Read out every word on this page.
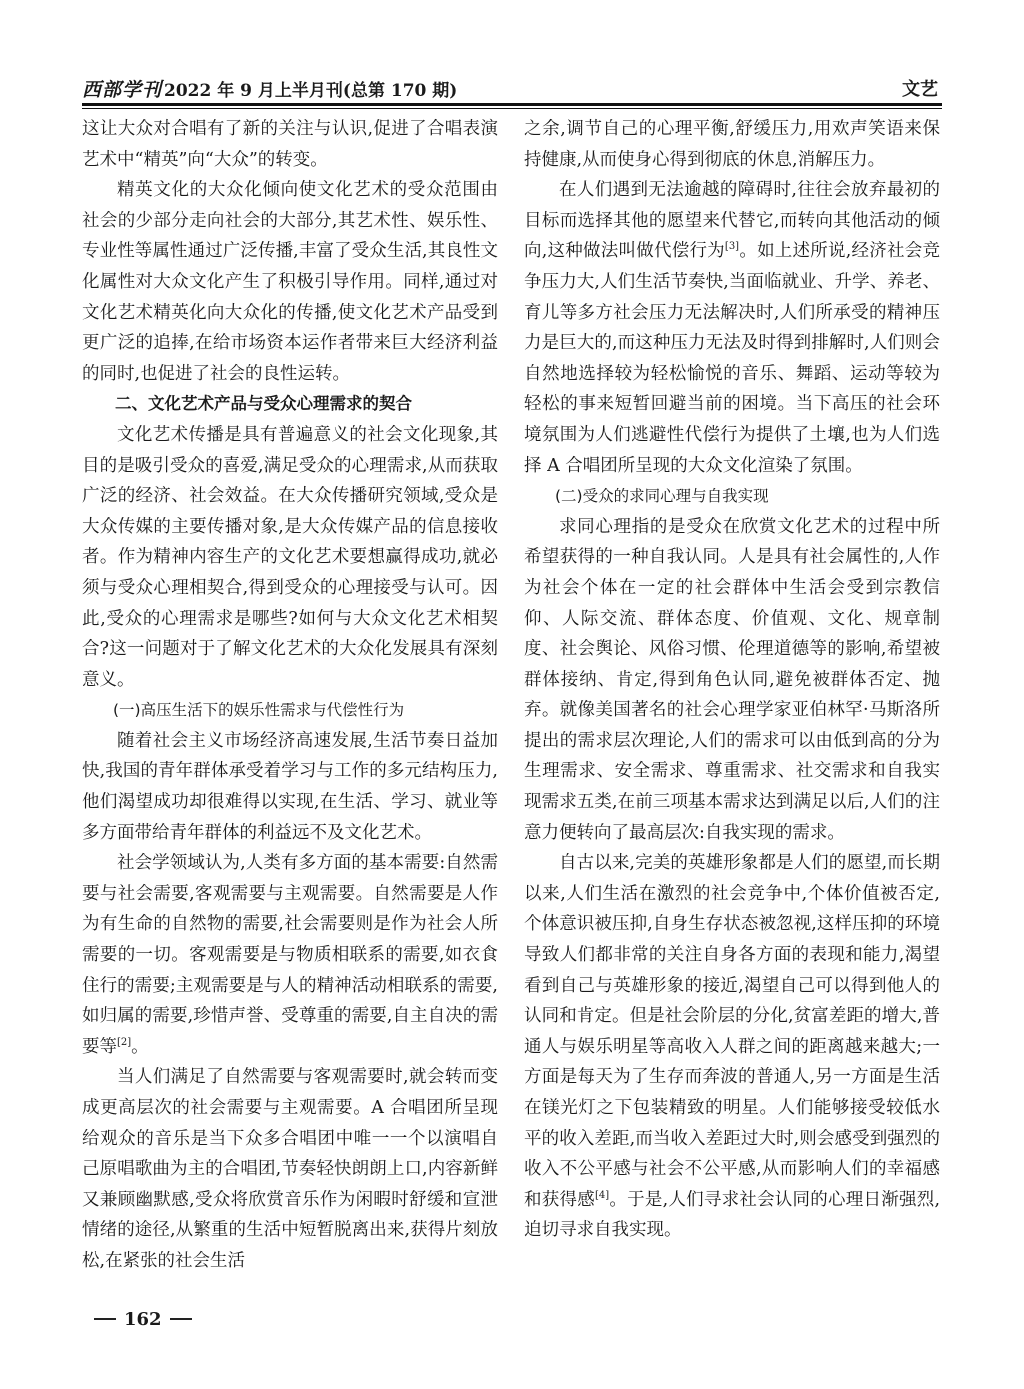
西部学刊 2022 年 9 月上半月刊(总第 170 期)	文艺

这让大众对合唱有了新的关注与认识,促进了合唱表演艺术中“精英”向“大众”的转变。

精英文化的大众化倾向使文化艺术的受众范围由社会的少部分走向社会的大部分,其艺术性、娱乐性、专业性等属性通过广泛传播,丰富了受众生活,其良性文化属性对大众文化产生了积极引导作用。同样,通过对文化艺术精英化向大众化的传播,使文化艺术产品受到更广泛的追捧,在给市场资本运作者带来巨大经济利益的同时,也促进了社会的良性运转。

二、文化艺术产品与受众心理需求的契合

文化艺术传播是具有普遍意义的社会文化现象,其目的是吸引受众的喜爱,满足受众的心理需求,从而获取广泛的经济、社会效益。在大众传播研究领域,受众是大众传媒的主要传播对象,是大众传媒产品的信息接收者。作为精神内容生产的文化艺术要想赢得成功,就必须与受众心理相契合,得到受众的心理接受与认可。因此,受众的心理需求是哪些?如何与大众文化艺术相契合?这一问题对于了解文化艺术的大众化发展具有深刻意义。

(一)高压生活下的娱乐性需求与代偿性行为

随着社会主义市场经济高速发展,生活节奏日益加快,我国的青年群体承受着学习与工作的多元结构压力,他们渴望成功却很难得以实现,在生活、学习、就业等多方面带给青年群体的利益远不及文化艺术。

社会学领域认为,人类有多方面的基本需要:自然需要与社会需要,客观需要与主观需要。自然需要是人作为有生命的自然物的需要,社会需要则是作为社会人所需要的一切。客观需要是与物质相联系的需要,如衣食住行的需要;主观需要是与人的精神活动相联系的需要,如归属的需要,珍惜声誉、受尊重的需要,自主自决的需要等[2]。

当人们满足了自然需要与客观需要时,就会转而变成更高层次的社会需要与主观需要。A 合唱团所呈现给观众的音乐是当下众多合唱团中唯一一个以演唱自己原唱歌曲为主的合唱团,节奏轻快朗朗上口,内容新鲜又兼顾幽默感,受众将欣赏音乐作为闲暇时舒缓和宣泄情绪的途径,从繁重的生活中短暂脱离出来,获得片刻放松,在紧张的社会生活

之余,调节自己的心理平衡,舒缓压力,用欢声笑语来保持健康,从而使身心得到彻底的休息,消解压力。

在人们遇到无法逾越的障碍时,往往会放弃最初的目标而选择其他的愿望来代替它,而转向其他活动的倾向,这种做法叫做代偿行为[3]。如上述所说,经济社会竞争压力大,人们生活节奏快,当面临就业、升学、养老、育儿等多方社会压力无法解决时,人们所承受的精神压力是巨大的,而这种压力无法及时得到排解时,人们则会自然地选择较为轻松愉悦的音乐、舞蹈、运动等较为轻松的事来短暂回避当前的困境。当下高压的社会环境氛围为人们逃避性代偿行为提供了土壤,也为人们选择 A 合唱团所呈现的大众文化渲染了氛围。

(二)受众的求同心理与自我实现

求同心理指的是受众在欣赏文化艺术的过程中所希望获得的一种自我认同。人是具有社会属性的,人作为社会个体在一定的社会群体中生活会受到宗教信仰、人际交流、群体态度、价值观、文化、规章制度、社会舆论、风俗习惯、伦理道德等的影响,希望被群体接纳、肯定,得到角色认同,避免被群体否定、抛弃。就像美国著名的社会心理学家亚伯林罕·马斯洛所提出的需求层次理论,人们的需求可以由低到高的分为生理需求、安全需求、尊重需求、社交需求和自我实现需求五类,在前三项基本需求达到满足以后,人们的注意力便转向了最高层次:自我实现的需求。

自古以来,完美的英雄形象都是人们的愿望,而长期以来,人们生活在激烈的社会竞争中,个体价值被否定,个体意识被压抑,自身生存状态被忽视,这样压抑的环境导致人们都非常的关注自身各方面的表现和能力,渴望看到自己与英雄形象的接近,渴望自己可以得到他人的认同和肯定。但是社会阶层的分化,贫富差距的增大,普通人与娱乐明星等高收入人群之间的距离越来越大;一方面是每天为了生存而奔波的普通人,另一方面是生活在镁光灯之下包装精致的明星。人们能够接受较低水平的收入差距,而当收入差距过大时,则会感受到强烈的收入不公平感与社会不公平感,从而影响人们的幸福感和获得感[4]。于是,人们寻求社会认同的心理日渐强烈,迫切寻求自我实现。

162
